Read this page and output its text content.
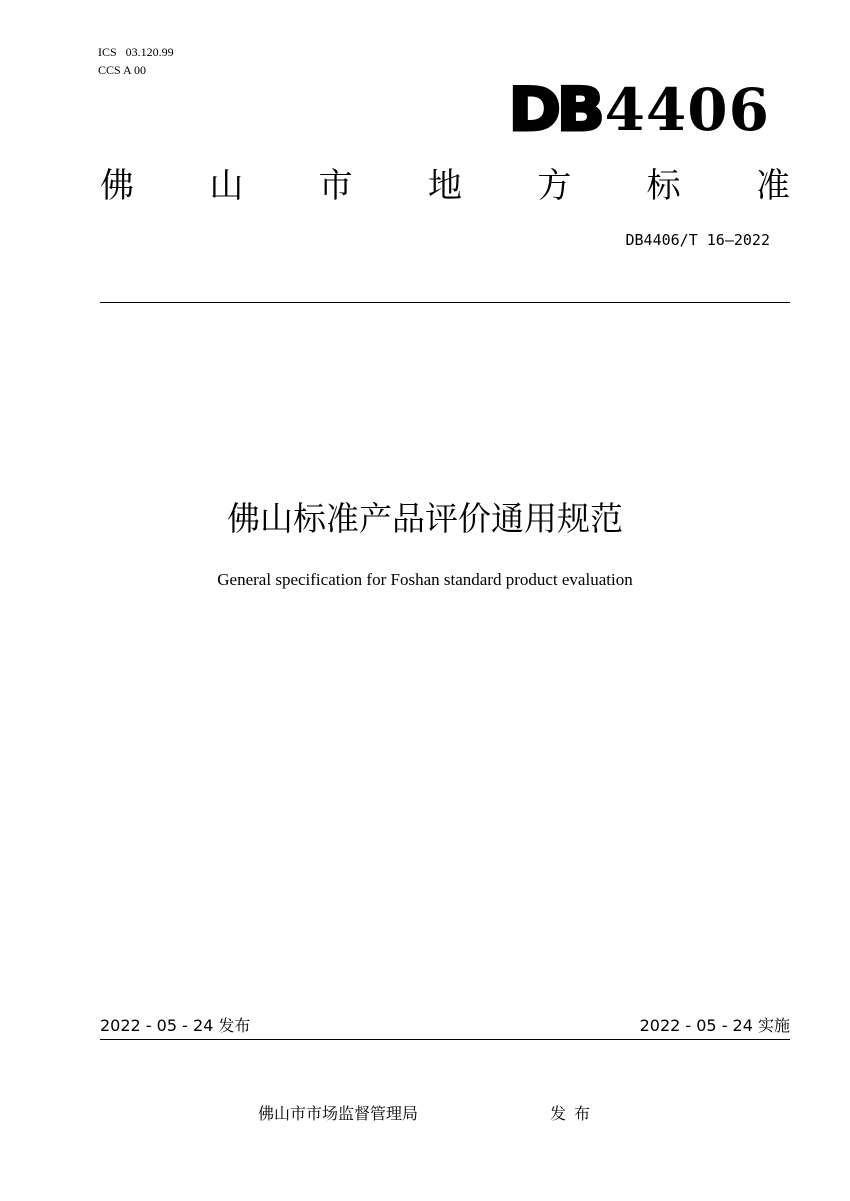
ICS   03.120.99
CCS A 00
DB 4406
佛 山 市 地 方 标 准
DB4406/T 16—2022
佛山标准产品评价通用规范
General specification for Foshan standard product evaluation
2022 - 05 - 24 发布	2022 - 05 - 24 实施
佛山市市场监督管理局	发布
